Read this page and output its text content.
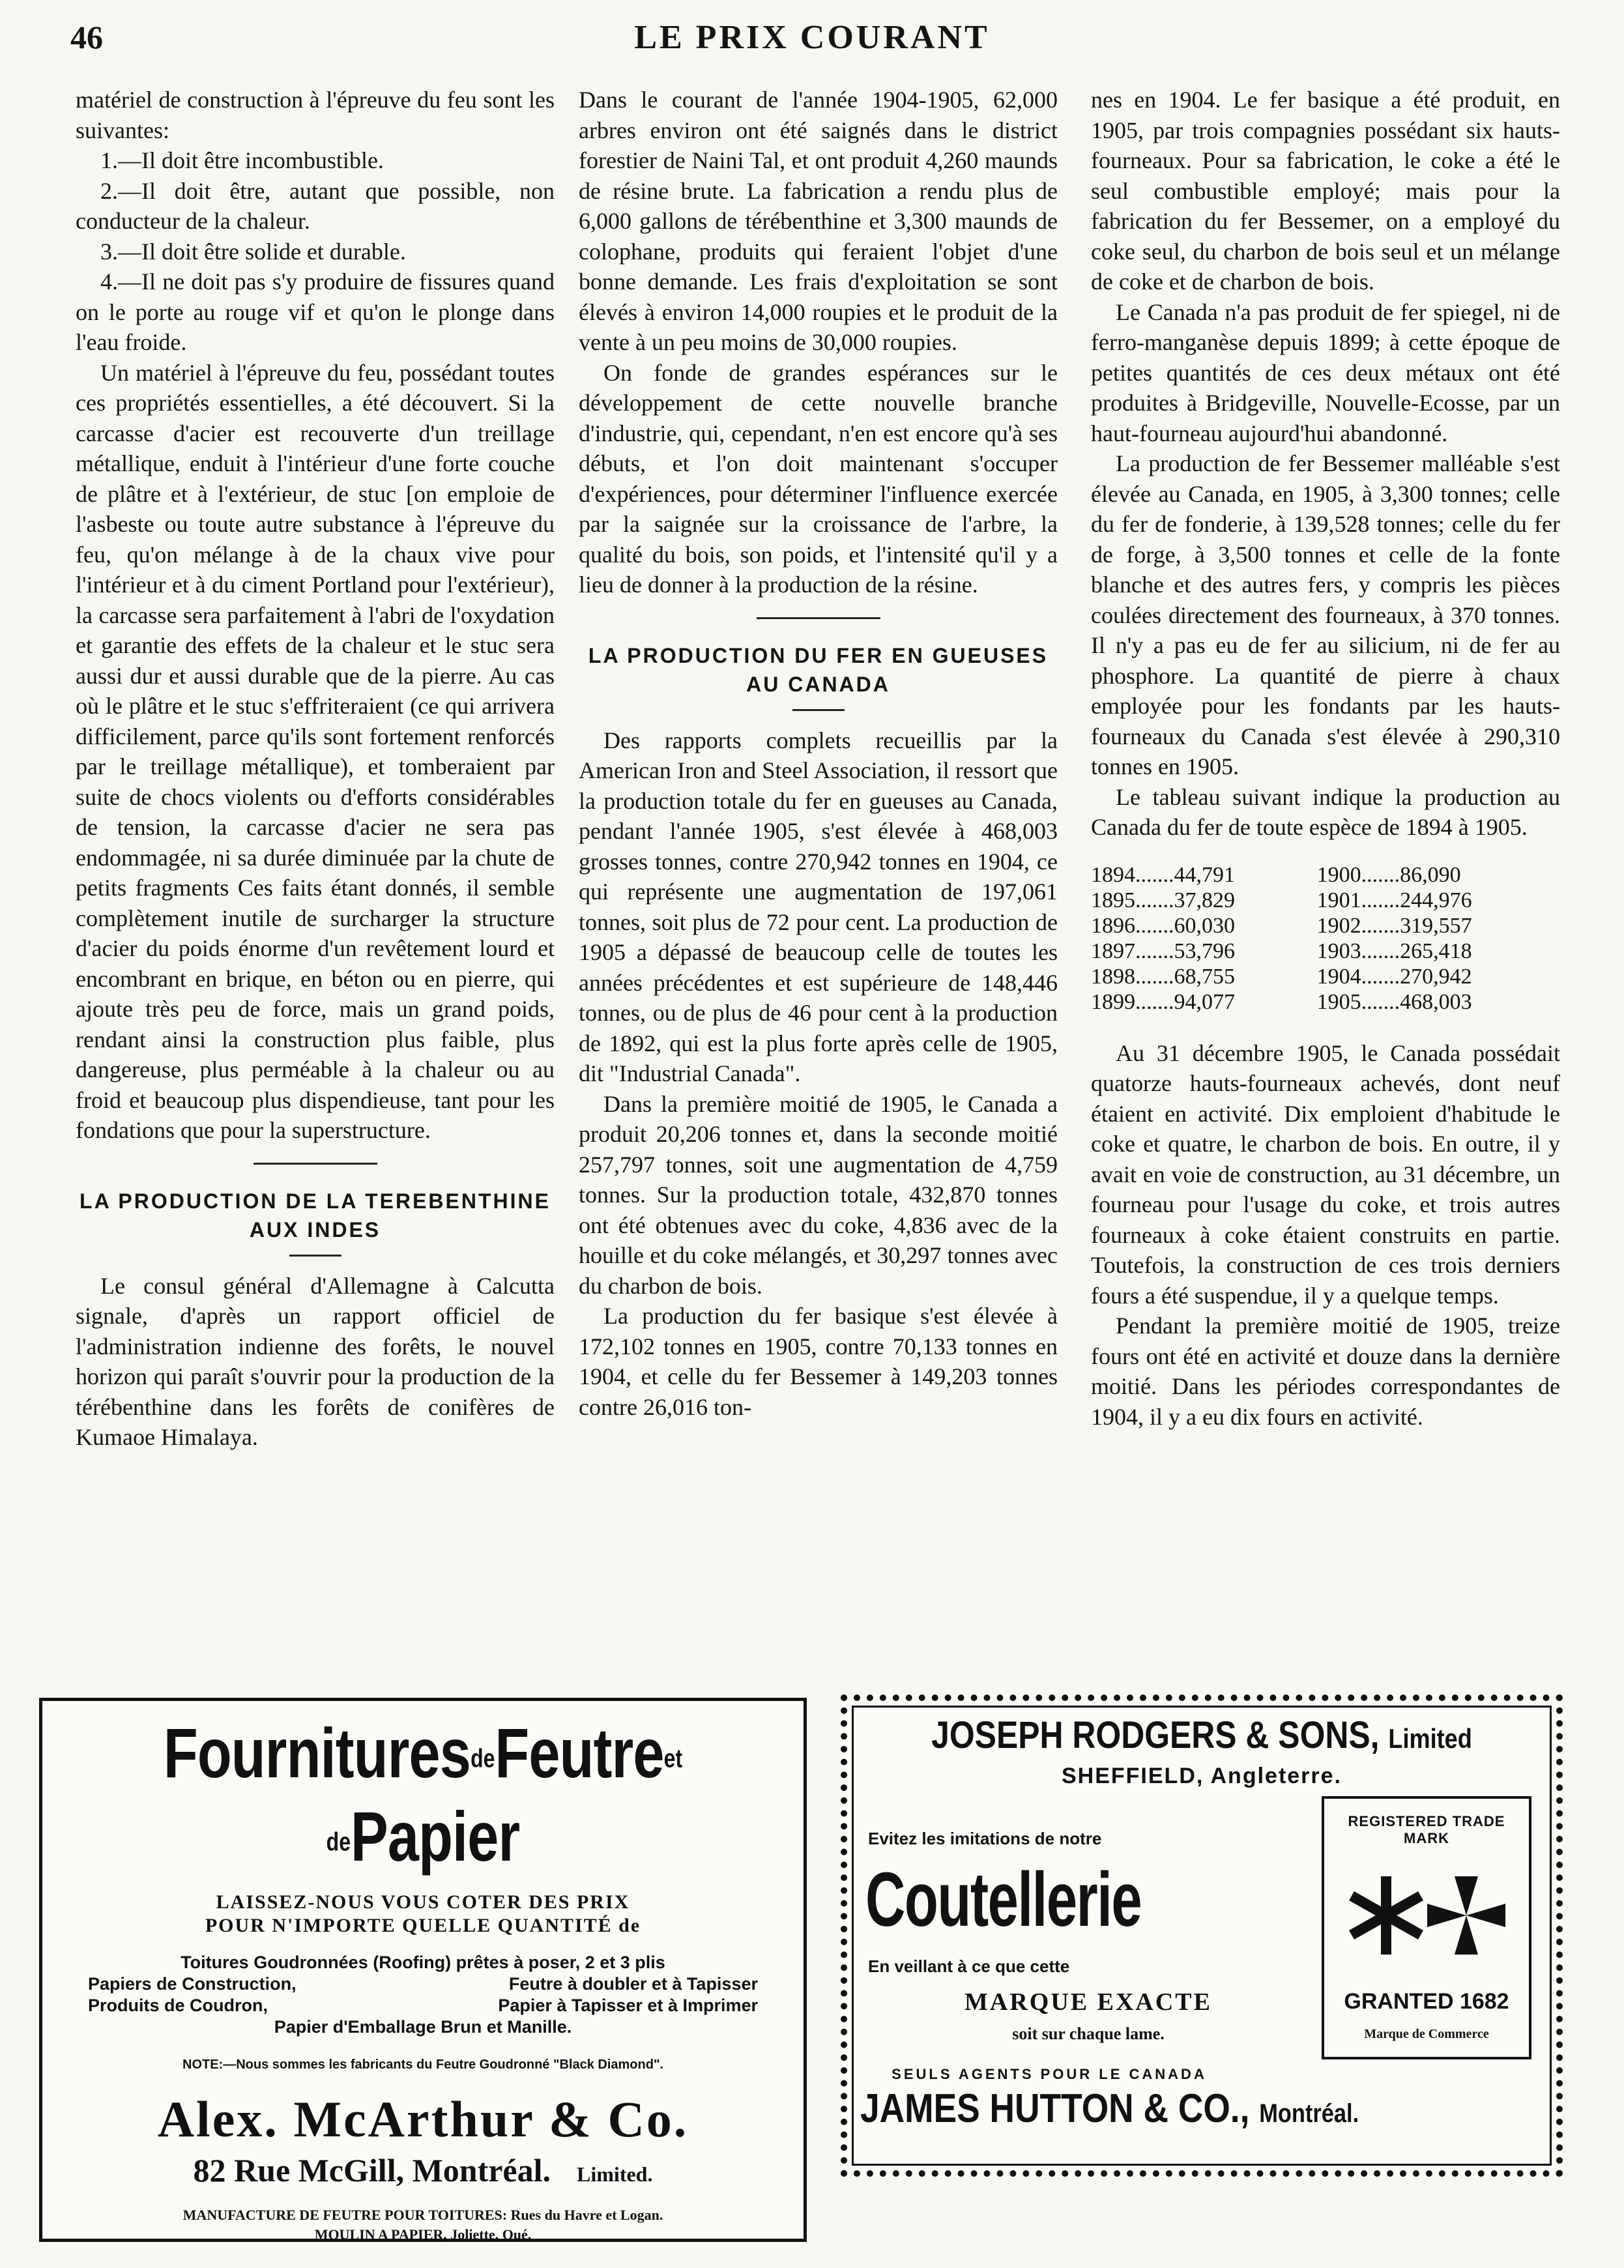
46	LE PRIX COURANT

matériel de construction à l'épreuve du feu sont les suivantes:

1.—Il doit être incombustible.

2.—Il doit être, autant que possible, non conducteur de la chaleur.

3.—Il doit être solide et durable.

4.—Il ne doit pas s'y produire de fissures quand on le porte au rouge vif et qu'on le plonge dans l'eau froide.

Un matériel à l'épreuve du feu, possédant toutes ces propriétés essentielles, a été découvert. Si la carcasse d'acier est recouverte d'un treillage métallique, enduit à l'intérieur d'une forte couche de plâtre et à l'extérieur, de stuc [on emploie de l'asbeste ou toute autre substance à l'épreuve du feu, qu'on mélange à de la chaux vive pour l'intérieur et à du ciment Portland pour l'extérieur), la carcasse sera parfaitement à l'abri de l'oxydation et garantie des effets de la chaleur et le stuc sera aussi dur et aussi durable que de la pierre. Au cas où le plâtre et le stuc s'effriteraient (ce qui arrivera difficilement, parce qu'ils sont fortement renforcés par le treillage métallique), et tomberaient par suite de chocs violents ou d'efforts considérables de tension, la carcasse d'acier ne sera pas endommagée, ni sa durée diminuée par la chute de petits fragments Ces faits étant donnés, il semble complètement inutile de surcharger la structure d'acier du poids énorme d'un revêtement lourd et encombrant en brique, en béton ou en pierre, qui ajoute très peu de force, mais un grand poids, rendant ainsi la construction plus faible, plus dangereuse, plus perméable à la chaleur ou au froid et beaucoup plus dispendieuse, tant pour les fondations que pour la superstructure.

LA PRODUCTION DE LA TEREBENTHINE AUX INDES

Le consul général d'Allemagne à Calcutta signale, d'après un rapport officiel de l'administration indienne des forêts, le nouvel horizon qui paraît s'ouvrir pour la production de la térébenthine dans les forêts de conifères de Kumaoe Himalaya.

Dans le courant de l'année 1904-1905, 62,000 arbres environ ont été saignés dans le district forestier de Naini Tal, et ont produit 4,260 maunds de résine brute. La fabrication a rendu plus de 6,000 gallons de térébenthine et 3,300 maunds de colophane, produits qui feraient l'objet d'une bonne demande. Les frais d'exploitation se sont élevés à environ 14,000 roupies et le produit de la vente à un peu moins de 30,000 roupies.

On fonde de grandes espérances sur le développement de cette nouvelle branche d'industrie, qui, cependant, n'en est encore qu'à ses débuts, et l'on doit maintenant s'occuper d'expériences, pour déterminer l'influence exercée par la saignée sur la croissance de l'arbre, la qualité du bois, son poids, et l'intensité qu'il y a lieu de donner à la production de la résine.

LA PRODUCTION DU FER EN GUEUSES AU CANADA

Des rapports complets recueillis par la American Iron and Steel Association, il ressort que la production totale du fer en gueuses au Canada, pendant l'année 1905, s'est élevée à 468,003 grosses tonnes, contre 270,942 tonnes en 1904, ce qui représente une augmentation de 197,061 tonnes, soit plus de 72 pour cent. La production de 1905 a dépassé de beaucoup celle de toutes les années précédentes et est supérieure de 148,446 tonnes, ou de plus de 46 pour cent à la production de 1892, qui est la plus forte après celle de 1905, dit "Industrial Canada".

Dans la première moitié de 1905, le Canada a produit 20,206 tonnes et, dans la seconde moitié 257,797 tonnes, soit une augmentation de 4,759 tonnes. Sur la production totale, 432,870 tonnes ont été obtenues avec du coke, 4,836 avec de la houille et du coke mélangés, et 30,297 tonnes avec du charbon de bois.

La production du fer basique s'est élevée à 172,102 tonnes en 1905, contre 70,133 tonnes en 1904, et celle du fer Bessemer à 149,203 tonnes contre 26,016 ton-

nes en 1904. Le fer basique a été produit, en 1905, par trois compagnies possédant six hauts-fourneaux. Pour sa fabrication, le coke a été le seul combustible employé; mais pour la fabrication du fer Bessemer, on a employé du coke seul, du charbon de bois seul et un mélange de coke et de charbon de bois.

Le Canada n'a pas produit de fer spiegel, ni de ferro-manganèse depuis 1899; à cette époque de petites quantités de ces deux métaux ont été produites à Bridgeville, Nouvelle-Ecosse, par un haut-fourneau aujourd'hui abandonné.

La production de fer Bessemer malléable s'est élevée au Canada, en 1905, à 3,300 tonnes; celle du fer de fonderie, à 139,528 tonnes; celle du fer de forge, à 3,500 tonnes et celle de la fonte blanche et des autres fers, y compris les pièces coulées directement des fourneaux, à 370 tonnes. Il n'y a pas eu de fer au silicium, ni de fer au phosphore. La quantité de pierre à chaux employée pour les fondants par les hauts-fourneaux du Canada s'est élevée à 290,310 tonnes en 1905.

Le tableau suivant indique la production au Canada du fer de toute espèce de 1894 à 1905.

1894.......44,791	1900.......86,090
1895.......37,829	1901.......244,976
1896.......60,030	1902.......319,557
1897.......53,796	1903.......265,418
1898.......68,755	1904.......270,942
1899.......94,077	1905.......468,003

Au 31 décembre 1905, le Canada possédait quatorze hauts-fourneaux achevés, dont neuf étaient en activité. Dix emploient d'habitude le coke et quatre, le charbon de bois. En outre, il y avait en voie de construction, au 31 décembre, un fourneau pour l'usage du coke, et trois autres fourneaux à coke étaient construits en partie. Toutefois, la construction de ces trois derniers fours a été suspendue, il y a quelque temps.

Pendant la première moitié de 1905, treize fours ont été en activité et douze dans la dernière moitié. Dans les périodes correspondantes de 1904, il y a eu dix fours en activité.

FournituresdeFeutreet dePapier
LAISSEZ-NOUS VOUS COTER DES PRIX
POUR N'IMPORTE QUELLE QUANTITÉ de
Toitures Goudronnées (Roofing) prêtes à poser, 2 et 3 plis
Papiers de Construction,	Feutre à doubler et à Tapisser
Produits de Coudron,	Papier à Tapisser et à Imprimer
Papier d'Emballage Brun et Manille.
NOTE:—Nous sommes les fabricants du Feutre Goudronné "Black Diamond".
Alex. McArthur & Co.
82 Rue McGill, Montréal. Limited.
MANUFACTURE DE FEUTRE POUR TOITURES: Rues du Havre et Logan.
MOULIN A PAPIER, Joliette, Qué.
JOSEPH RODGERS & SONS, Limited
SHEFFIELD, Angleterre.
Evitez les imitations de notre
Coutellerie
En veillant à ce que cette
MARQUE EXACTE
soit sur chaque lame.
SEULS AGENTS POUR LE CANADA
JAMES HUTTON & CO., Montréal.
REGISTERED TRADE MARK
GRANTED 1682
Marque de Commerce
